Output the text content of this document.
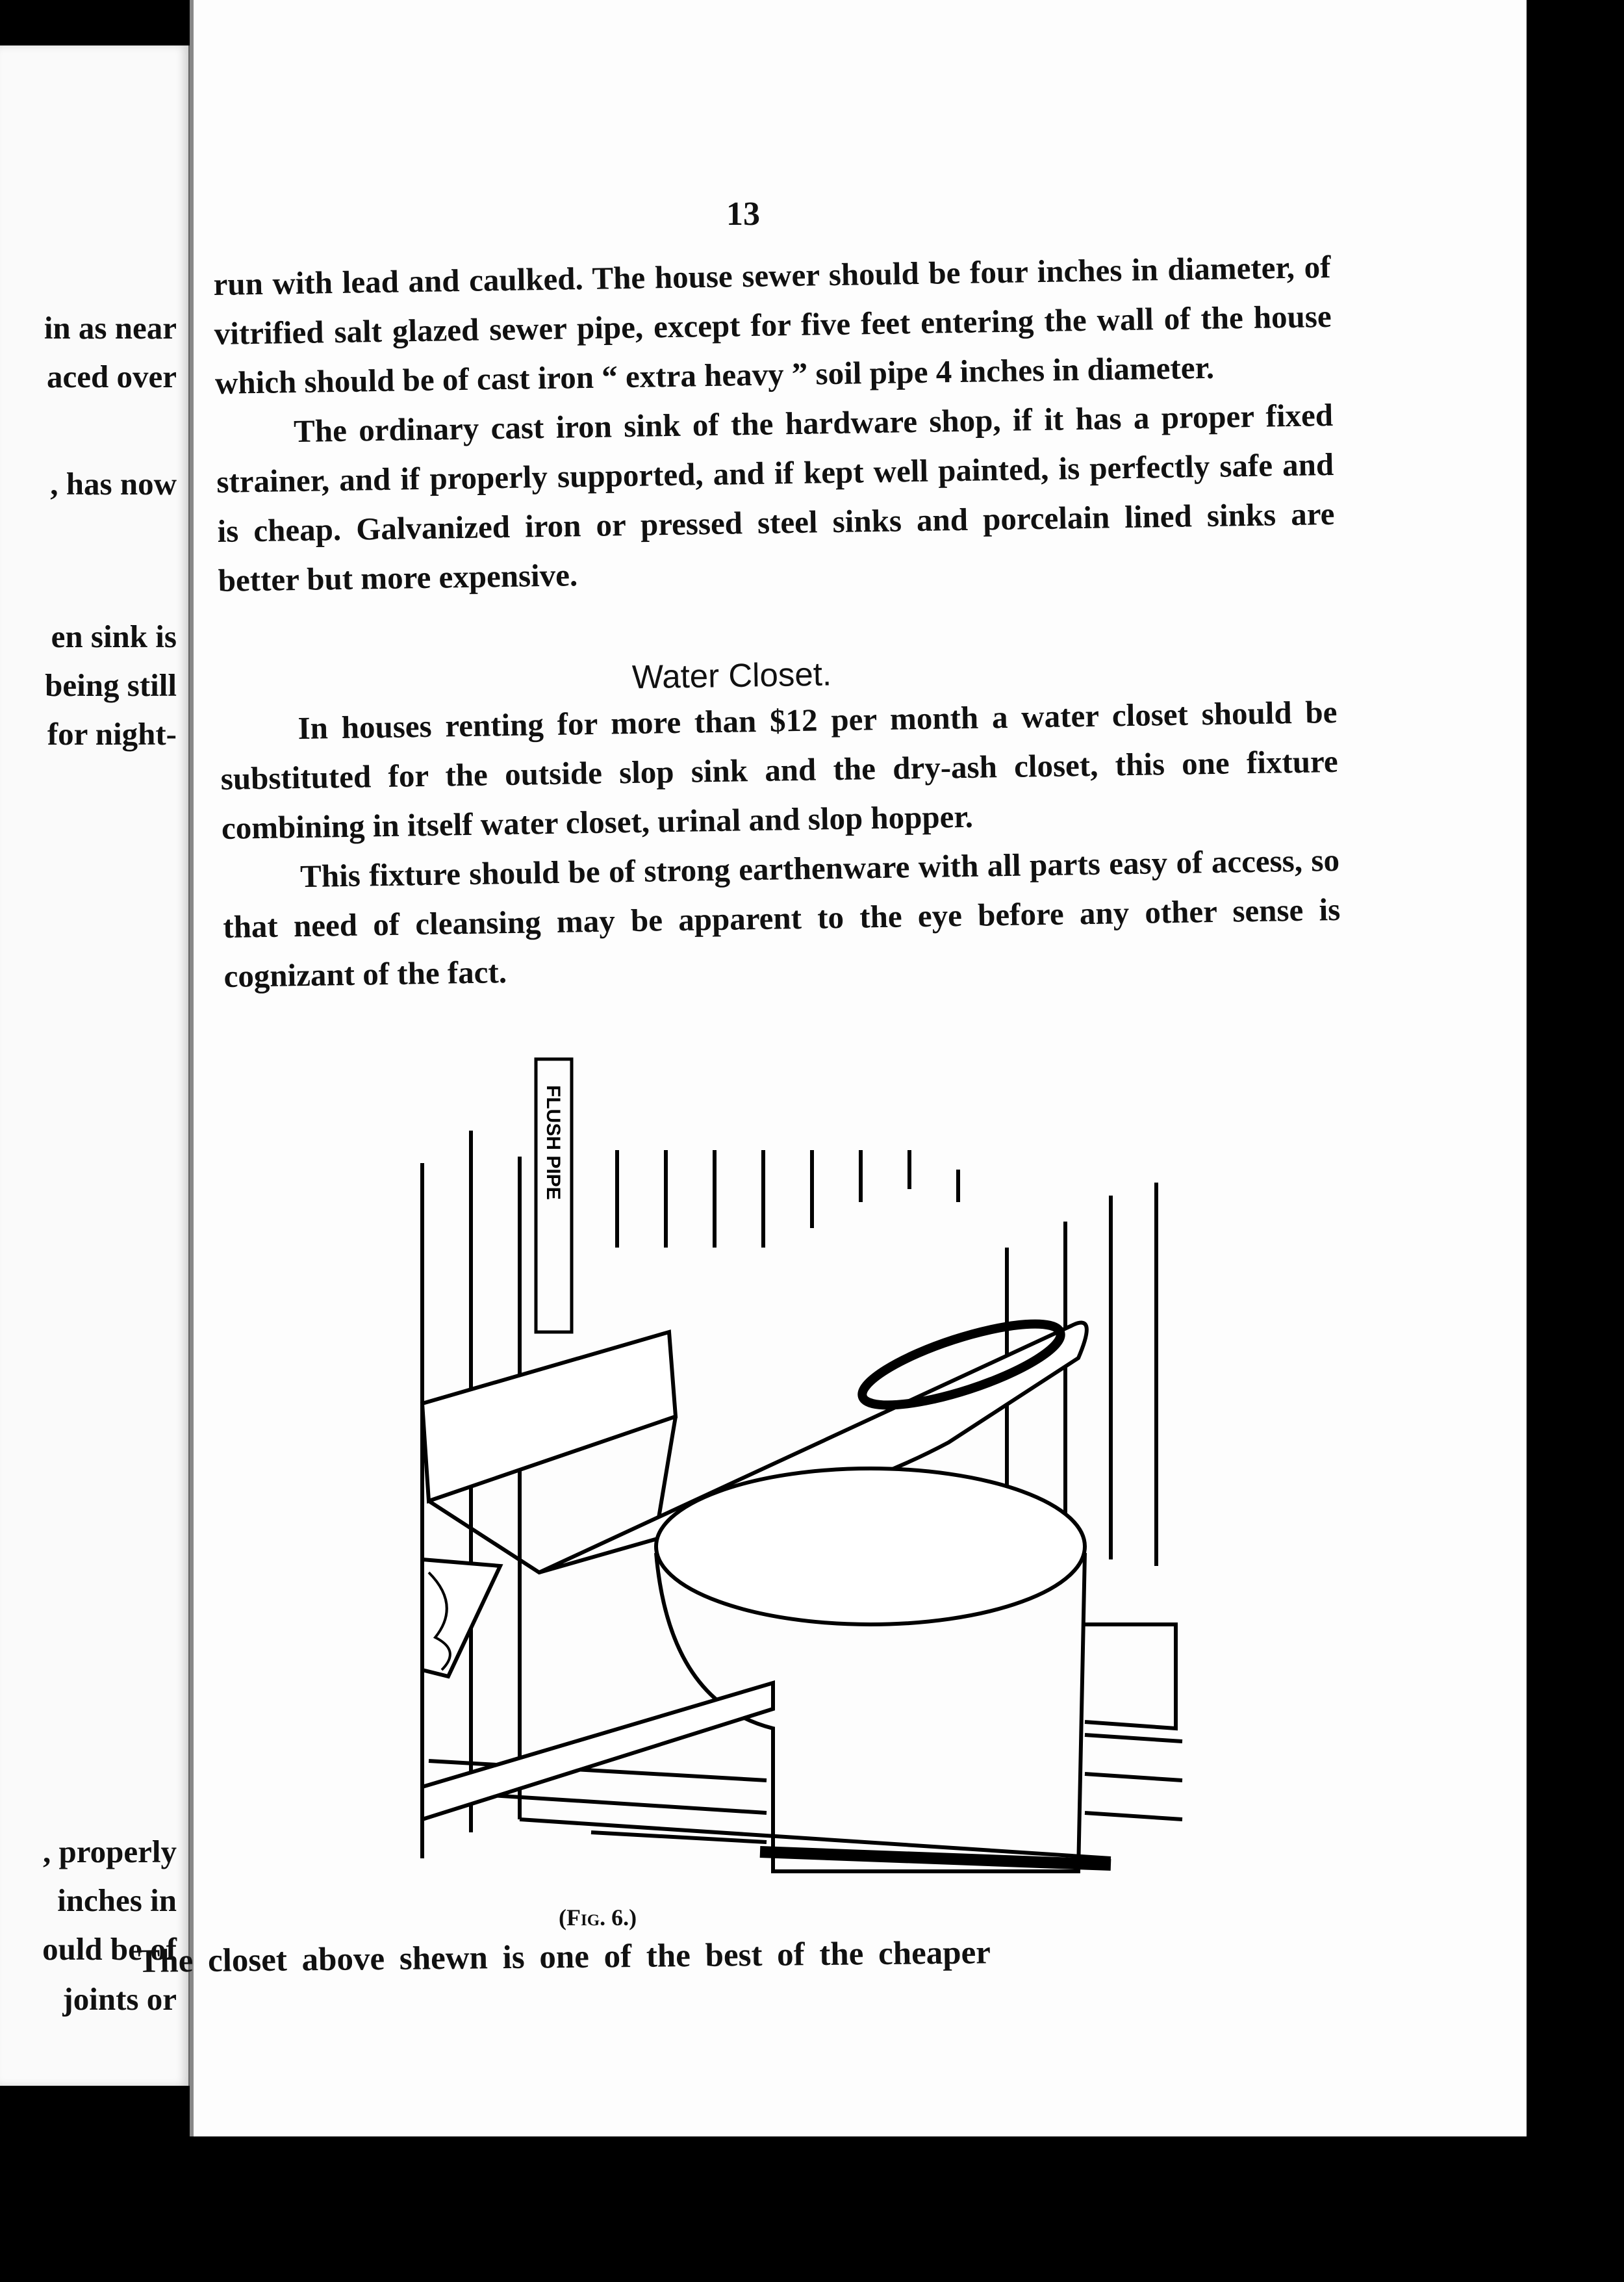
in as near
aced over
, has now
en sink is
being still
for night-
, properly
inches in
ould be of
joints or
13

run with lead and caulked. The house sewer should be four inches in diameter, of vitrified salt glazed sewer pipe, except for five feet entering the wall of the house which should be of cast iron “ extra heavy ” soil pipe 4 inches in diameter.

The ordinary cast iron sink of the hardware shop, if it has a proper fixed strainer, and if properly supported, and if kept well painted, is perfectly safe and is cheap. Galvanized iron or pressed steel sinks and porcelain lined sinks are better but more expensive.

Water Closet.

In houses renting for more than $12 per month a water closet should be substituted for the outside slop sink and the dry-ash closet, this one fixture combining in itself water closet, urinal and slop hopper.

This fixture should be of strong earthenware with all parts easy of access, so that need of cleansing may be apparent to the eye before any other sense is cognizant of the fact.

FLUSH PIPE
(Fig. 6.)
The closet above shewn is one of the best of the cheaper
